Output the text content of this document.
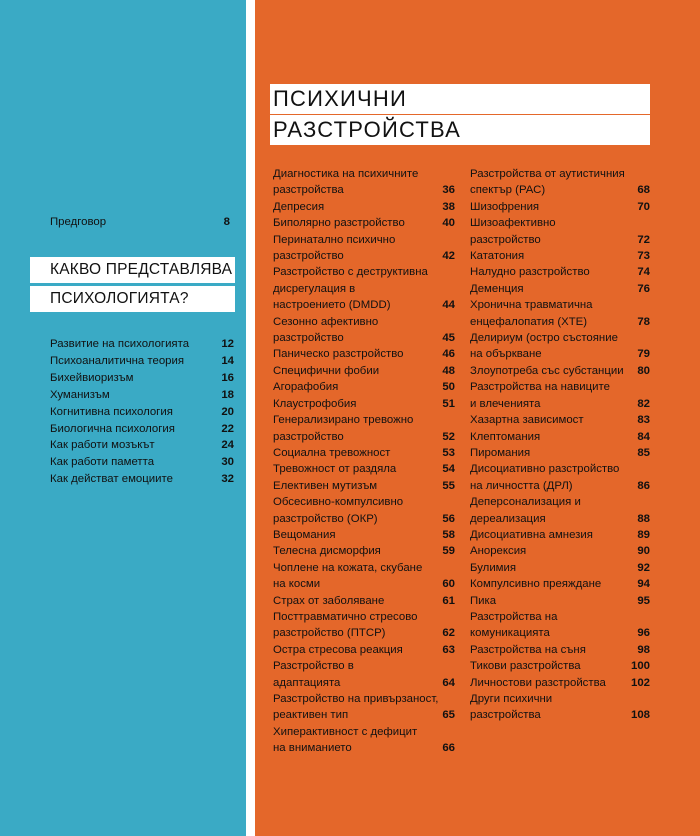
Предговор	8
КАКВО ПРЕДСТАВЛЯВА
ПСИХОЛОГИЯТА?
Развитие на психологията	12
Психоаналитична теория	14
Бихейвиоризъм	16
Хуманизъм	18
Когнитивна психология	20
Биологична психология	22
Как работи мозъкът	24
Как работи паметта	30
Как действат емоциите	32
ПСИХИЧНИ
РАЗСТРОЙСТВА
Диагностика на психичните
разстройства	36
Депресия	38
Биполярно разстройство	40
Перинатално психично
разстройство	42
Разстройство с деструктивна
дисрегулация в
настроението (DMDD)	44
Сезонно афективно
разстройство	45
Паническо разстройство	46
Специфични фобии	48
Агорафобия	50
Клаустрофобия	51
Генерализирано тревожно
разстройство	52
Социална тревожност	53
Тревожност от раздяла	54
Елективен мутизъм	55
Обсесивно-компулсивно
разстройство (ОКР)	56
Вещомания	58
Телесна дисморфия	59
Чоплене на кожата, скубане
на косми	60
Страх от заболяване	61
Посттравматично стресово
разстройство (ПТСР)	62
Остра стресова реакция	63
Разстройство в
адаптацията	64
Разстройство на привързаност,
реактивен тип	65
Хиперактивност с дефицит
на вниманието	66
Разстройства от аутистичния
спектър (РАС)	68
Шизофрения	70
Шизоафективно
разстройство	72
Кататония	73
Налудно разстройство	74
Деменция	76
Хронична травматична
енцефалопатия (ХТЕ)	78
Делириум (остро състояние
на объркване	79
Злоупотреба със субстанции 80
Разстройства на навиците
и влеченията	82
Хазартна зависимост	83
Клептомания	84
Пиромания	85
Дисоциативно разстройство
на личността (ДРЛ)	86
Деперсонализация и
дереализация	88
Дисоциативна амнезия	89
Анорексия	90
Булимия	92
Компулсивно преяждане	94
Пика	95
Разстройства на
комуникацията	96
Разстройства на съня	98
Тикови разстройства	100
Личностови разстройства 102
Други психични
разстройства	108
